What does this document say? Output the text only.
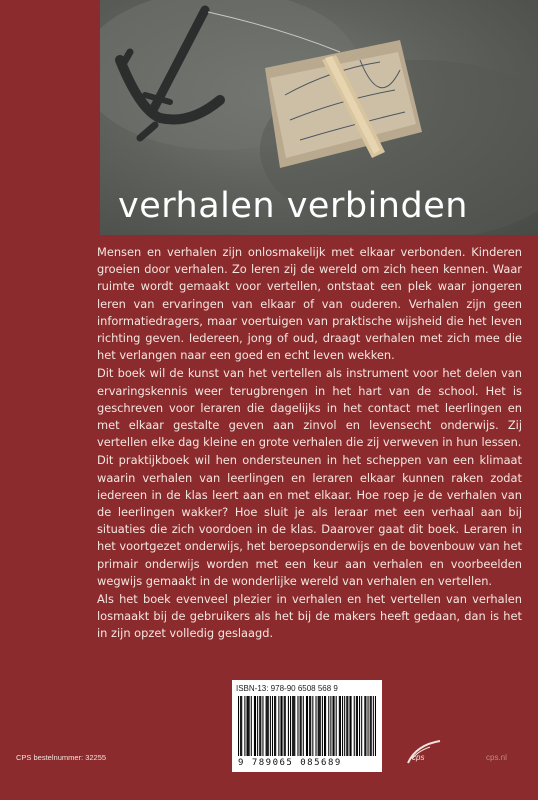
verhalen verbinden

Mensen en verhalen zijn onlosmakelijk met elkaar verbonden. Kinderen groeien door verhalen. Zo leren zij de wereld om zich heen kennen. Waar ruimte wordt gemaakt voor vertellen, ontstaat een plek waar jongeren leren van ervaringen van elkaar of van ouderen. Verhalen zijn geen informatiedragers, maar voertuigen van praktische wijsheid die het leven richting geven. Iedereen, jong of oud, draagt verhalen met zich mee die het verlangen naar een goed en echt leven wekken.

Dit boek wil de kunst van het vertellen als instrument voor het delen van ervaringskennis weer terugbrengen in het hart van de school. Het is geschreven voor leraren die dagelijks in het contact met leerlingen en met elkaar gestalte geven aan zinvol en levensecht onderwijs. Zij vertellen elke dag kleine en grote verhalen die zij verweven in hun lessen.

Dit praktijkboek wil hen ondersteunen in het scheppen van een klimaat waarin verhalen van leerlingen en leraren elkaar kunnen raken zodat iedereen in de klas leert aan en met elkaar. Hoe roep je de verhalen van de leerlingen wakker? Hoe sluit je als leraar met een verhaal aan bij situaties die zich voordoen in de klas. Daarover gaat dit boek. Leraren in het voortgezet onderwijs, het beroepsonderwijs en de bovenbouw van het primair onderwijs worden met een keur aan verhalen en voorbeelden wegwijs gemaakt in de wonderlijke wereld van verhalen en vertellen.

Als het boek evenveel plezier in verhalen en het vertellen van verhalen losmaakt bij de gebruikers als het bij de makers heeft gedaan, dan is het in zijn opzet volledig geslaagd.

ISBN-13: 978-90 6508 568 9
9 789065 085689
CPS bestelnummer: 32255	cps	cps.nl
